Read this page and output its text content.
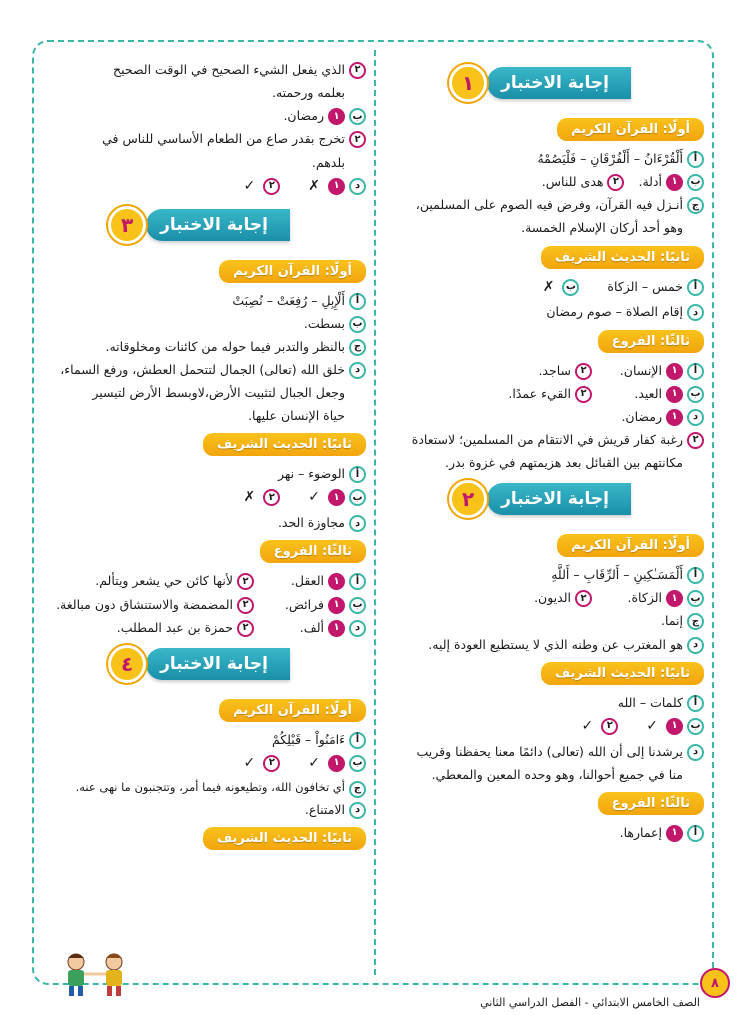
إجابة الاختبار
١
أولًا: القرآن الكريم
أ
أَلْقُرْءَانُ – أَلْفُرْقَانِ – فَلْيَصُمْهُ
ب
١
أدلة.
٢
هدى للناس.
ج
أنـزل فيه القرآن، وفرض فيه الصوم على المسلمين،
وهو أحد أركان الإسلام الخمسة.
ثانيًا: الحديث الشريف
أ
خمس – الزكاة
ب
✗
د
إقام الصلاة – صوم رمضان
ثالثًا: الفروع
أ
١
الإنسان.
٢
ساجد.
ب
١
العيد.
٢
القيء عمدًا.
د
١
رمضان.
٢
رغبة كفار قريش في الانتقام من المسلمين؛ لاستعادة
مكانتهم بين القبائل بعد هزيمتهم في غزوة بدر.
إجابة الاختبار
٢
أولًا: القرآن الكريم
أ
أَلْمَسَـٰكِينِ – أَلرِّقَابِ – أَللَّهِ
ب
١
الزكاة.
٢
الديون.
ج
إنما.
د
هو المغترب عن وطنه الذي لا يستطيع العودة إليه.
ثانيًا: الحديث الشريف
أ
كلمات – الله
ب
١
✓
٢
✓
د
يرشدنا إلى أن الله (تعالى) دائمًا معنا يحفظنا وقريب
منا في جميع أحوالنا، وهو وحده المعين والمعطي.
ثالثًا: الفروع
أ
١
إعمارها.
٢
الذي يفعل الشيء الصحيح في الوقت الصحيح
بعلمه ورحمته.
ب
١
رمضان.
٢
تخرج بقدر صاع من الطعام الأساسي للناس في
بلدهم.
د
١
✗
٢
✓
إجابة الاختبار
٣
أولًا: القرآن الكريم
أ
أَلْإِبِلِ – رُفِعَتْ – نُصِبَتْ
ب
بسطت.
ج
بالنظر والتدبر فيما حوله من كائنات ومخلوقاته.
د
خلق الله (تعالى) الجمال لتتحمل العطش، ورفع السماء،
وجعل الجبال لتثبيت الأرض،لاوبسط الأرض لتيسير
حياة الإنسان عليها.
ثانيًا: الحديث الشريف
أ
الوضوء – نهر
ب
١
✓
٢
✗
د
مجاوزة الحد.
ثالثًا: الفروع
أ
١
العقل.
٢
لأنها كائن حي يشعر ويتألم.
ب
١
فرائض.
٢
المضمضة والاستنشاق دون مبالغة.
د
١
ألف.
٢
حمزة بن عبد المطلب.
إجابة الاختبار
٤
أولًا: القرآن الكريم
أ
ءَامَنُواْ – قَبْلِكُمْ
ب
١
✓
٢
✓
ج
أي تخافون الله، وتطيعونه فيما أمر، وتتجنبون ما نهى عنه.
د
الامتناع.
ثانيًا: الحديث الشريف
٨
الصف الخامس الابتدائي - الفصل الدراسي الثاني
